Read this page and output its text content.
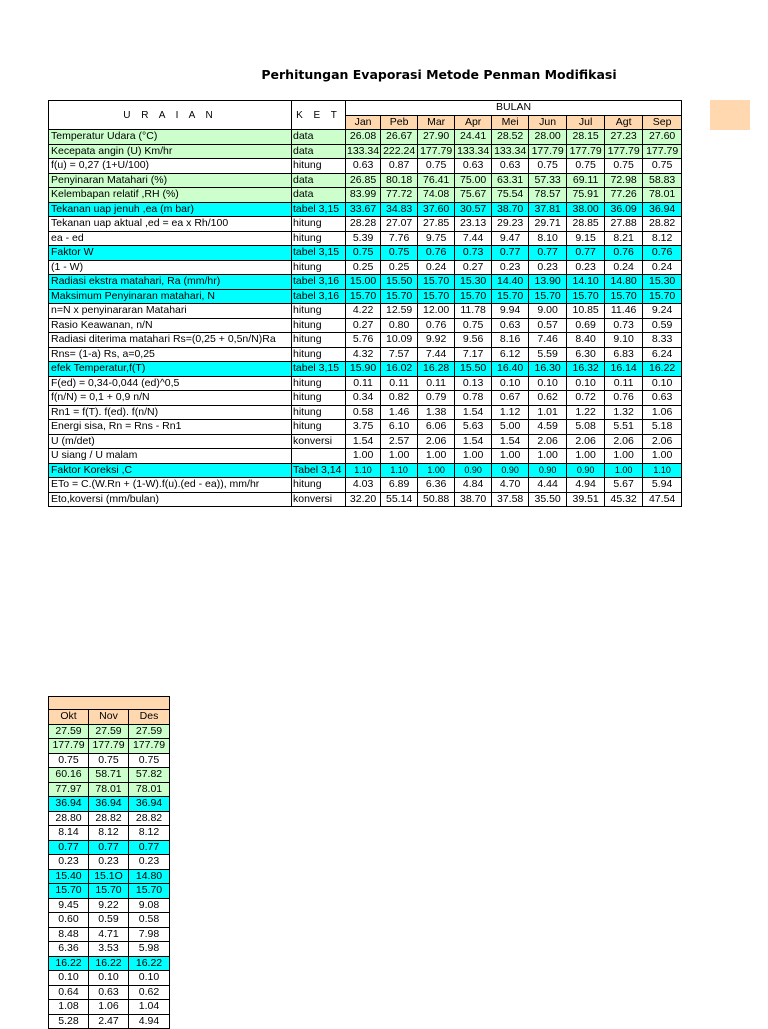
Perhitungan Evaporasi Metode Penman Modifikasi
U R A I A N	K E T	BULAN								
		Jan	Peb	Mar	Apr	Mei	Jun	Jul	Agt	Sep
Temperatur Udara (°C)	data	26.08	26.67	27.90	24.41	28.52	28.00	28.15	27.23	27.60
Kecepata angin (U) Km/hr	data	133.34	222.24	177.79	133.34	133.34	177.79	177.79	177.79	177.79
f(u) = 0,27 (1+U/100)	hitung	0.63	0.87	0.75	0.63	0.63	0.75	0.75	0.75	0.75
Penyinaran Matahari (%)	data	26.85	80.18	76.41	75.00	63.31	57.33	69.11	72.98	58.83
Kelembapan relatif ,RH (%)	data	83.99	77.72	74.08	75.67	75.54	78.57	75.91	77.26	78.01
Tekanan uap jenuh ,ea (m bar)	tabel 3,15	33.67	34.83	37.60	30.57	38.70	37.81	38.00	36.09	36.94
Tekanan uap aktual ,ed = ea x Rh/100	hitung	28.28	27.07	27.85	23.13	29.23	29.71	28.85	27.88	28.82
ea - ed	hitung	5.39	7.76	9.75	7.44	9.47	8.10	9.15	8.21	8.12
Faktor W	tabel 3,15	0.75	0.75	0.76	0.73	0.77	0.77	0.77	0.76	0.76
(1 - W)	hitung	0.25	0.25	0.24	0.27	0.23	0.23	0.23	0.24	0.24
Radiasi ekstra matahari, Ra (mm/hr)	tabel 3,16	15.00	15.50	15.70	15.30	14.40	13.90	14.10	14.80	15.30
Maksimum Penyinaran matahari, N	tabel 3,16	15.70	15.70	15.70	15.70	15.70	15.70	15.70	15.70	15.70
n=N x penyinararan Matahari	hitung	4.22	12.59	12.00	11.78	9.94	9.00	10.85	11.46	9.24
Rasio Keawanan, n/N	hitung	0.27	0.80	0.76	0.75	0.63	0.57	0.69	0.73	0.59
Radiasi diterima matahari Rs=(0,25 + 0,5n/N)Ra	hitung	5.76	10.09	9.92	9.56	8.16	7.46	8.40	9.10	8.33
Rns= (1-a) Rs, a=0,25	hitung	4.32	7.57	7.44	7.17	6.12	5.59	6.30	6.83	6.24
efek Temperatur,f(T)	tabel 3,15	15.90	16.02	16.28	15.50	16.40	16.30	16.32	16.14	16.22
F(ed) = 0,34-0,044 (ed)^0,5	hitung	0.11	0.11	0.11	0.13	0.10	0.10	0.10	0.11	0.10
f(n/N) = 0,1 + 0,9 n/N	hitung	0.34	0.82	0.79	0.78	0.67	0.62	0.72	0.76	0.63
Rn1 = f(T). f(ed). f(n/N)	hitung	0.58	1.46	1.38	1.54	1.12	1.01	1.22	1.32	1.06
Energi sisa, Rn = Rns - Rn1	hitung	3.75	6.10	6.06	5.63	5.00	4.59	5.08	5.51	5.18
U (m/det)	konversi	1.54	2.57	2.06	1.54	1.54	2.06	2.06	2.06	2.06
U siang / U malam		1.00	1.00	1.00	1.00	1.00	1.00	1.00	1.00	1.00
Faktor Koreksi ,C	Tabel 3,14	1.10	1.10	1.00	0.90	0.90	0.90	0.90	1.00	1.10
ETo = C.(W.Rn + (1-W).f(u).(ed - ea)), mm/hr	hitung	4.03	6.89	6.36	4.84	4.70	4.44	4.94	5.67	5.94
Eto,koversi (mm/bulan)	konversi	32.20	55.14	50.88	38.70	37.58	35.50	39.51	45.32	47.54

Okt	Nov	Des
27.59	27.59	27.59
177.79	177.79	177.79
0.75	0.75	0.75
60.16	58.71	57.82
77.97	78.01	78.01
36.94	36.94	36.94
28.80	28.82	28.82
8.14	8.12	8.12
0.77	0.77	0.77
0.23	0.23	0.23
15.40	15.1O	14.80
15.70	15.70	15.70
9.45	9.22	9.08
0.60	0.59	0.58
8.48	4.71	7.98
6.36	3.53	5.98
16.22	16.22	16.22
0.10	0.10	0.10
0.64	0.63	0.62
1.08	1.06	1.04
5.28	2.47	4.94
